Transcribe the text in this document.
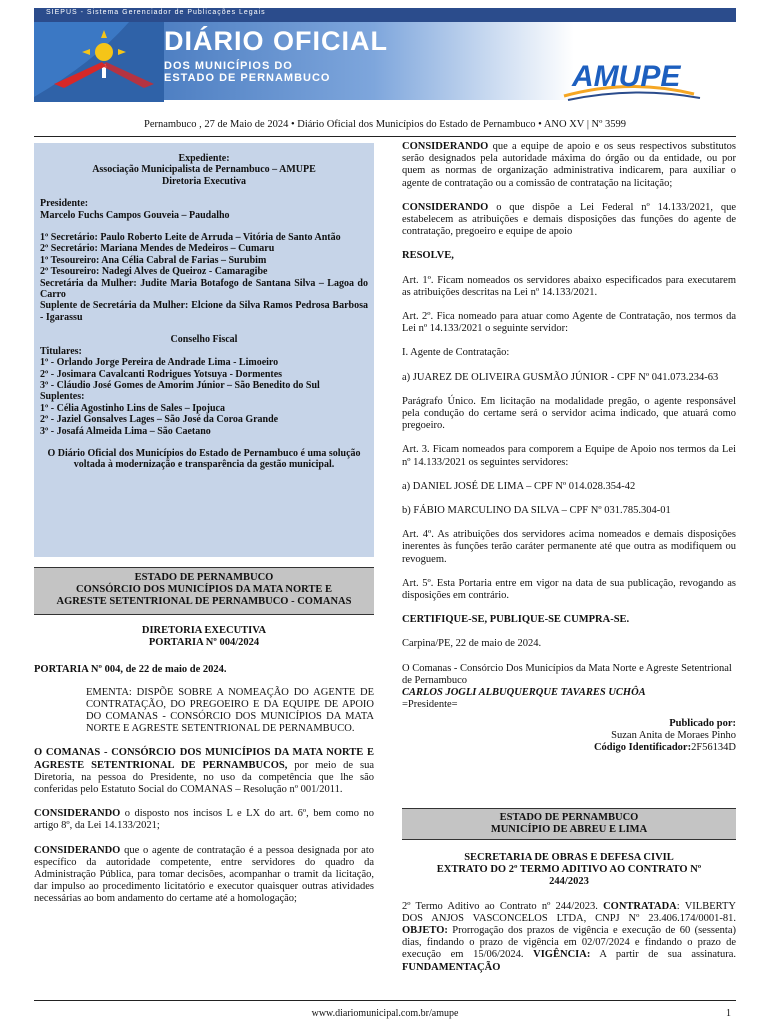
SIEPUS - Sistema Gerenciador de Publicações Legais
DIÁRIO OFICIAL
DOS MUNICÍPIOS DO
ESTADO DE PERNAMBUCO	AMUPE
Pernambuco , 27 de Maio de 2024 • Diário Oficial dos Municípios do Estado de Pernambuco • ANO XV | Nº 3599
Expediente:
Associação Municipalista de Pernambuco – AMUPE
Diretoria Executiva
Presidente:
Marcelo Fuchs Campos Gouveia – Paudalho
1º Secretário: Paulo Roberto Leite de Arruda – Vitória de Santo Antão
2º Secretário: Mariana Mendes de Medeiros – Cumaru
1º Tesoureiro: Ana Célia Cabral de Farias – Surubim
2º Tesoureiro: Nadegi Alves de Queiroz - Camaragibe
Secretária da Mulher: Judite Maria Botafogo de Santana Silva – Lagoa do Carro
Suplente de Secretária da Mulher: Elcione da Silva Ramos Pedrosa Barbosa - Igarassu
Conselho Fiscal
Titulares:
1º - Orlando Jorge Pereira de Andrade Lima - Limoeiro
2º - Josimara Cavalcanti Rodrigues Yotsuya - Dormentes
3º - Cláudio José Gomes de Amorim Júnior – São Benedito do Sul
Suplentes:
1º - Célia Agostinho Lins de Sales – Ipojuca
2º - Jaziel Gonsalves Lages – São José da Coroa Grande
3º - Josafá Almeida Lima – São Caetano
O Diário Oficial dos Municípios do Estado de Pernambuco é uma solução voltada à modernização e transparência da gestão municipal.
ESTADO DE PERNAMBUCO
CONSÓRCIO DOS MUNICÍPIOS DA MATA NORTE E
AGRESTE SETENTRIONAL DE PERNAMBUCO - COMANAS

DIRETORIA EXECUTIVA

PORTARIA Nº 004/2024

PORTARIA Nº 004, de 22 de maio de 2024.

EMENTA: DISPÕE SOBRE A NOMEAÇÃO DO AGENTE DE CONTRATAÇÃO, DO PREGOEIRO E DA EQUIPE DE APOIO DO COMANAS - CONSÓRCIO DOS MUNICÍPIOS DA MATA NORTE E AGRESTE SETENTRIONAL DE PERNAMBUCO.

O COMANAS - CONSÓRCIO DOS MUNICÍPIOS DA MATA NORTE E AGRESTE SETENTRIONAL DE PERNAMBUCOS, por meio de sua Diretoria, na pessoa do Presidente, no uso da competência que lhe são conferidas pelo Estatuto Social do COMANAS – Resolução nº 001/2011.

CONSIDERANDO o disposto nos incisos L e LX do art. 6º, bem como no artigo 8º, da Lei 14.133/2021;

CONSIDERANDO que o agente de contratação é a pessoa designada por ato específico da autoridade competente, entre servidores do quadro da Administração Pública, para tomar decisões, acompanhar o tramit da licitação, dar impulso ao procedimento licitatório e executor quaisquer outras atividades necessárias ao bom andamento do certame até a homologação;

CONSIDERANDO que a equipe de apoio e os seus respectivos substitutos serão designados pela autoridade máxima do órgão ou da entidade, ou por quem as normas de organização administrativa indicarem, para auxiliar o agente de contratação ou a comissão de contratação na licitação;

CONSIDERANDO o que dispõe a Lei Federal nº 14.133/2021, que estabelecem as atribuições e demais disposições das funções do agente de contratação, pregoeiro e equipe de apoio

RESOLVE,

Art. 1º. Ficam nomeados os servidores abaixo especificados para executarem as atribuições descritas na Lei nº 14.133/2021.

Art. 2º. Fica nomeado para atuar como Agente de Contratação, nos termos da Lei nº 14.133/2021 o seguinte servidor:

I. Agente de Contratação:

a) JUAREZ DE OLIVEIRA GUSMÃO JÚNIOR - CPF Nº 041.073.234-63

Parágrafo Único. Em licitação na modalidade pregão, o agente responsável pela condução do certame será o servidor acima indicado, que atuará como pregoeiro.

Art. 3. Ficam nomeados para comporem a Equipe de Apoio nos termos da Lei nº 14.133/2021 os seguintes servidores:

a) DANIEL JOSÉ DE LIMA – CPF Nº 014.028.354-42

b) FÁBIO MARCULINO DA SILVA – CPF Nº 031.785.304-01

Art. 4º. As atribuições dos servidores acima nomeados e demais disposições inerentes às funções terão caráter permanente até que outra as modifiquem ou revoguem.

Art. 5º. Esta Portaria entre em vigor na data de sua publicação, revogando as disposições em contrário.

CERTIFIQUE-SE, PUBLIQUE-SE CUMPRA-SE.

Carpina/PE, 22 de maio de 2024.

O Comanas - Consórcio Dos Municípios da Mata Norte e Agreste Setentrional de Pernambuco

CARLOS JOGLI ALBUQUERQUE TAVARES UCHÔA

=Presidente=

Publicado por:

Suzan Anita de Moraes Pinho

Código Identificador:2F56134D

ESTADO DE PERNAMBUCO
MUNICÍPIO DE ABREU E LIMA

SECRETARIA DE OBRAS E DEFESA CIVIL

EXTRATO DO 2º TERMO ADITIVO AO CONTRATO Nº

244/2023

2º Termo Aditivo ao Contrato nº 244/2023. CONTRATADA: VILBERTY DOS ANJOS VASCONCELOS LTDA, CNPJ Nº 23.406.174/0001-81. OBJETO: Prorrogação dos prazos de vigência e execução de 60 (sessenta) dias, findando o prazo de vigência em 02/07/2024 e findando o prazo de execução em 15/06/2024. VIGÊNCIA: A partir de sua assinatura. FUNDAMENTAÇÃO

www.diariomunicipal.com.br/amupe	1
